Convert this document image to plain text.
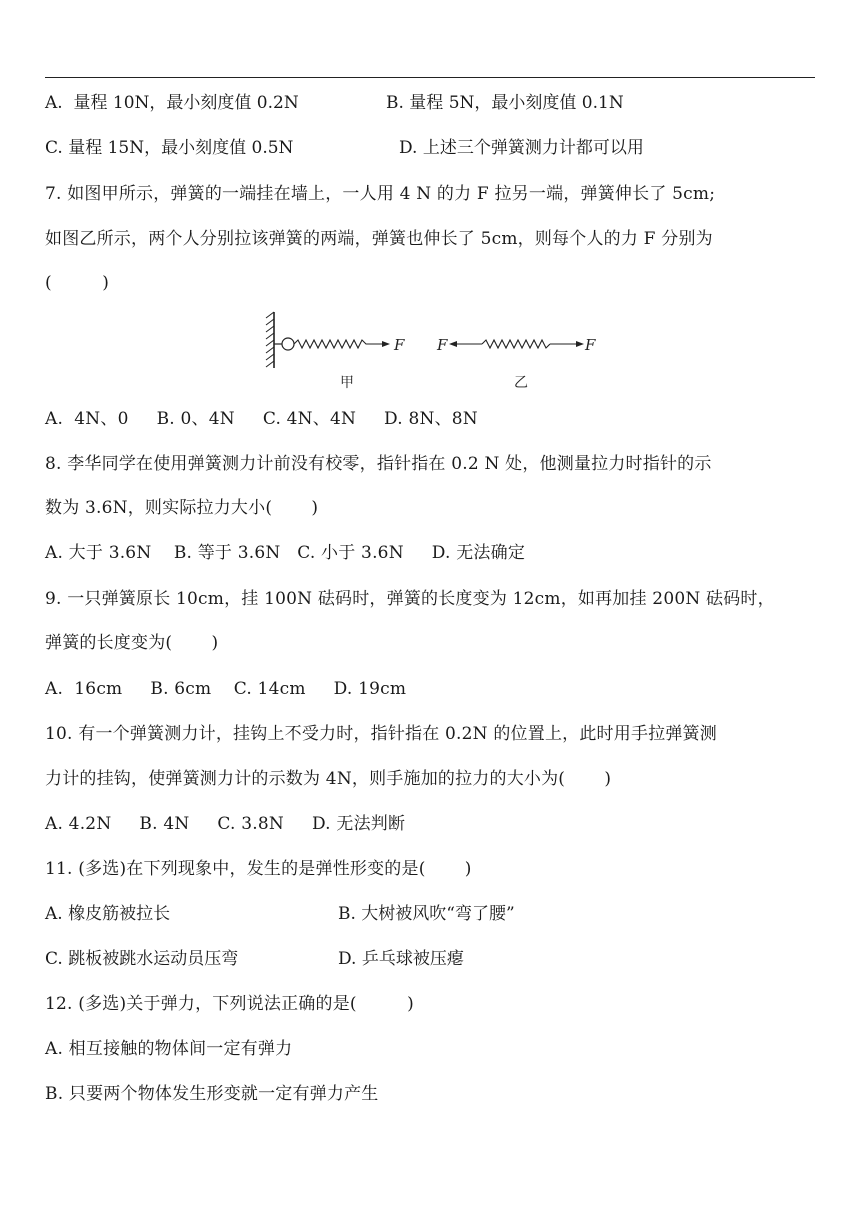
A.  量程 10N，最小刻度值 0.2N	B. 量程 5N，最小刻度值 0.1N
C. 量程 15N，最小刻度值 0.5N	D. 上述三个弹簧测力计都可以用
7. 如图甲所示，弹簧的一端挂在墙上，一人用 4 N 的力 F 拉另一端，弹簧伸长了 5cm;
如图乙所示，两个人分别拉该弹簧的两端，弹簧也伸长了 5cm，则每个人的力 F 分别为
(         )
F
甲
F	F
乙
A.  4N、0     B. 0、4N     C. 4N、4N     D. 8N、8N
8. 李华同学在使用弹簧测力计前没有校零，指针指在 0.2 N 处，他测量拉力时指针的示
数为 3.6N，则实际拉力大小(       )
A. 大于 3.6N    B. 等于 3.6N   C. 小于 3.6N     D. 无法确定
9. 一只弹簧原长 10cm，挂 100N 砝码时，弹簧的长度变为 12cm，如再加挂 200N 砝码时，
弹簧的长度变为(       )
A.  16cm     B. 6cm    C. 14cm     D. 19cm
10. 有一个弹簧测力计，挂钩上不受力时，指针指在 0.2N 的位置上，此时用手拉弹簧测
力计的挂钩，使弹簧测力计的示数为 4N，则手施加的拉力的大小为(       )
A. 4.2N     B. 4N     C. 3.8N     D. 无法判断
11. (多选)在下列现象中，发生的是弹性形变的是(       )
A. 橡皮筋被拉长	B. 大树被风吹“弯了腰”
C. 跳板被跳水运动员压弯	D. 乒乓球被压瘪
12. (多选)关于弹力，下列说法正确的是(         )
A. 相互接触的物体间一定有弹力
B. 只要两个物体发生形变就一定有弹力产生
